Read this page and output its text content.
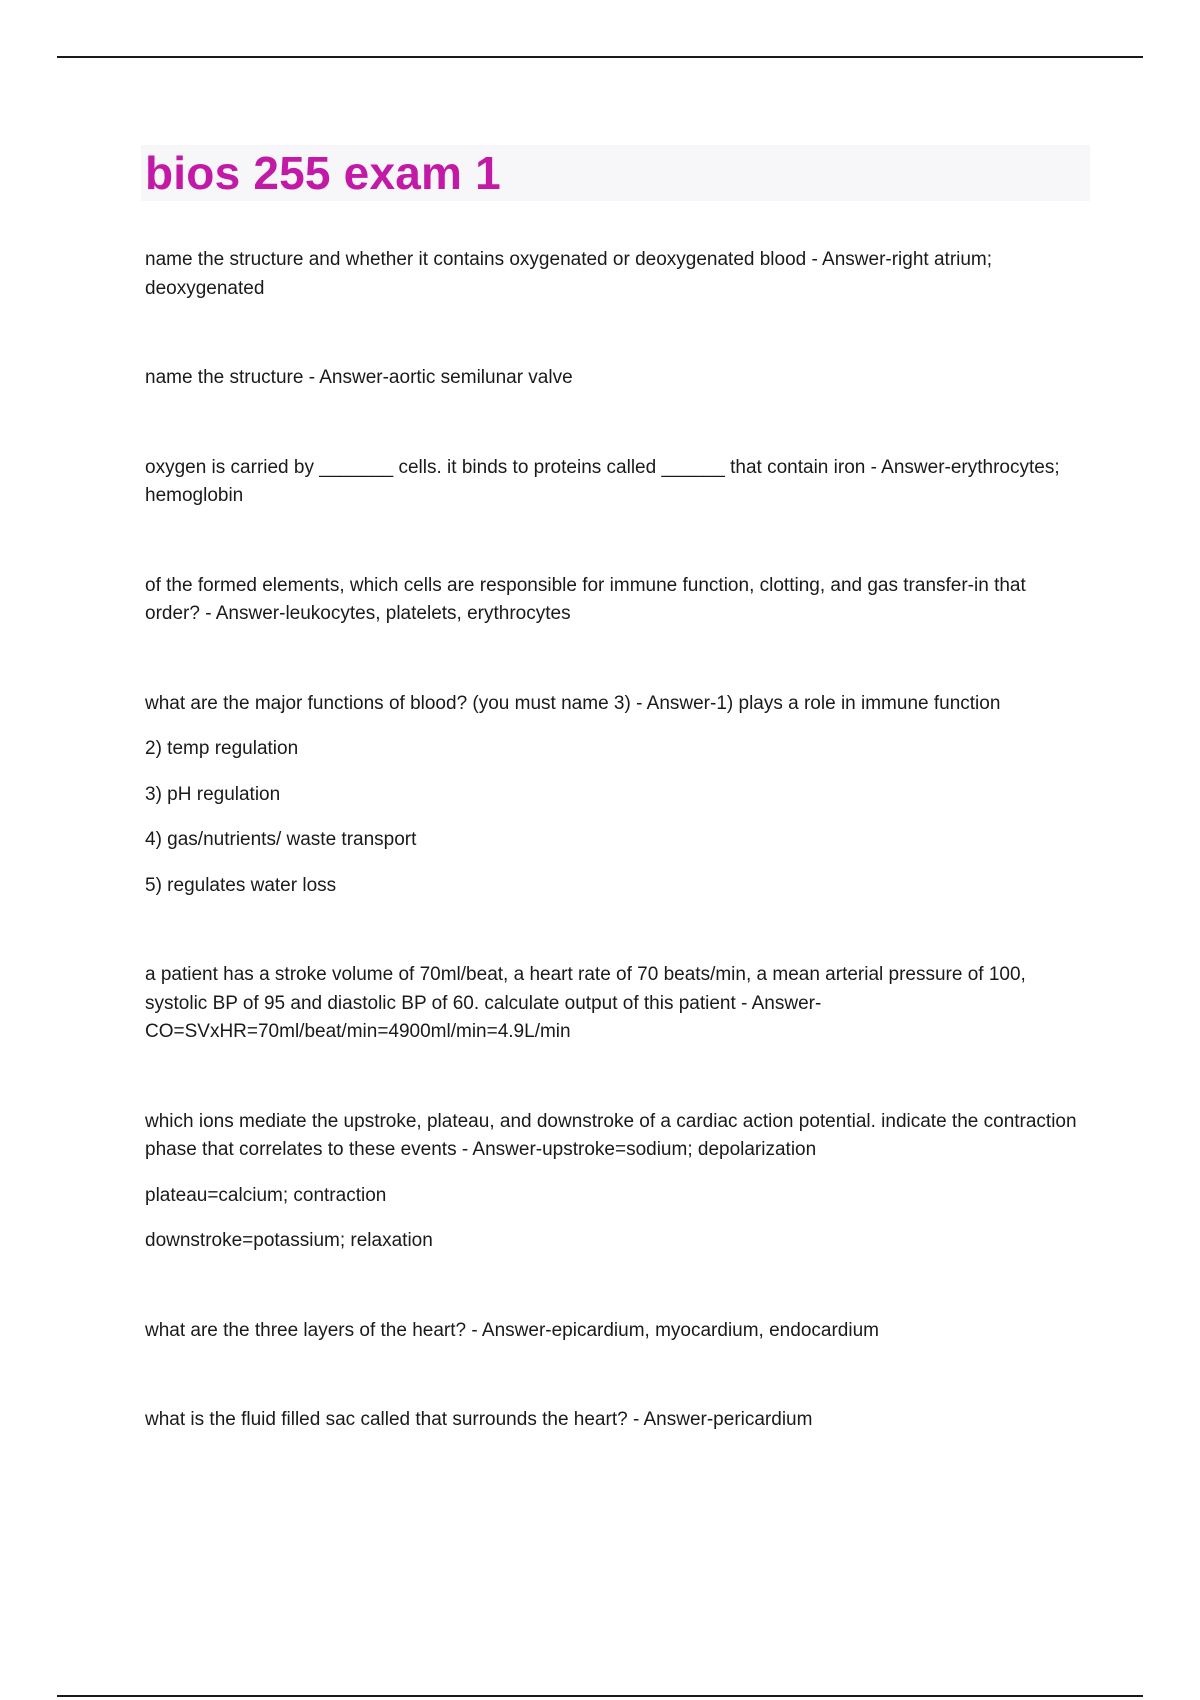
bios 255 exam 1

name the structure and whether it contains oxygenated or deoxygenated blood - Answer-right atrium; deoxygenated

name the structure - Answer-aortic semilunar valve

oxygen is carried by _______ cells. it binds to proteins called ______ that contain iron - Answer-erythrocytes; hemoglobin

of the formed elements, which cells are responsible for immune function, clotting, and gas transfer-in that order? - Answer-leukocytes, platelets, erythrocytes

what are the major functions of blood? (you must name 3) - Answer-1) plays a role in immune function

2) temp regulation

3) pH regulation

4) gas/nutrients/ waste transport

5) regulates water loss

a patient has a stroke volume of 70ml/beat, a heart rate of 70 beats/min, a mean arterial pressure of 100, systolic BP of 95 and diastolic BP of 60. calculate output of this patient - Answer-CO=SVxHR=70ml/beat/min=4900ml/min=4.9L/min

which ions mediate the upstroke, plateau, and downstroke of a cardiac action potential. indicate the contraction phase that correlates to these events - Answer-upstroke=sodium; depolarization

plateau=calcium; contraction

downstroke=potassium; relaxation

what are the three layers of the heart? - Answer-epicardium, myocardium, endocardium

what is the fluid filled sac called that surrounds the heart? - Answer-pericardium
